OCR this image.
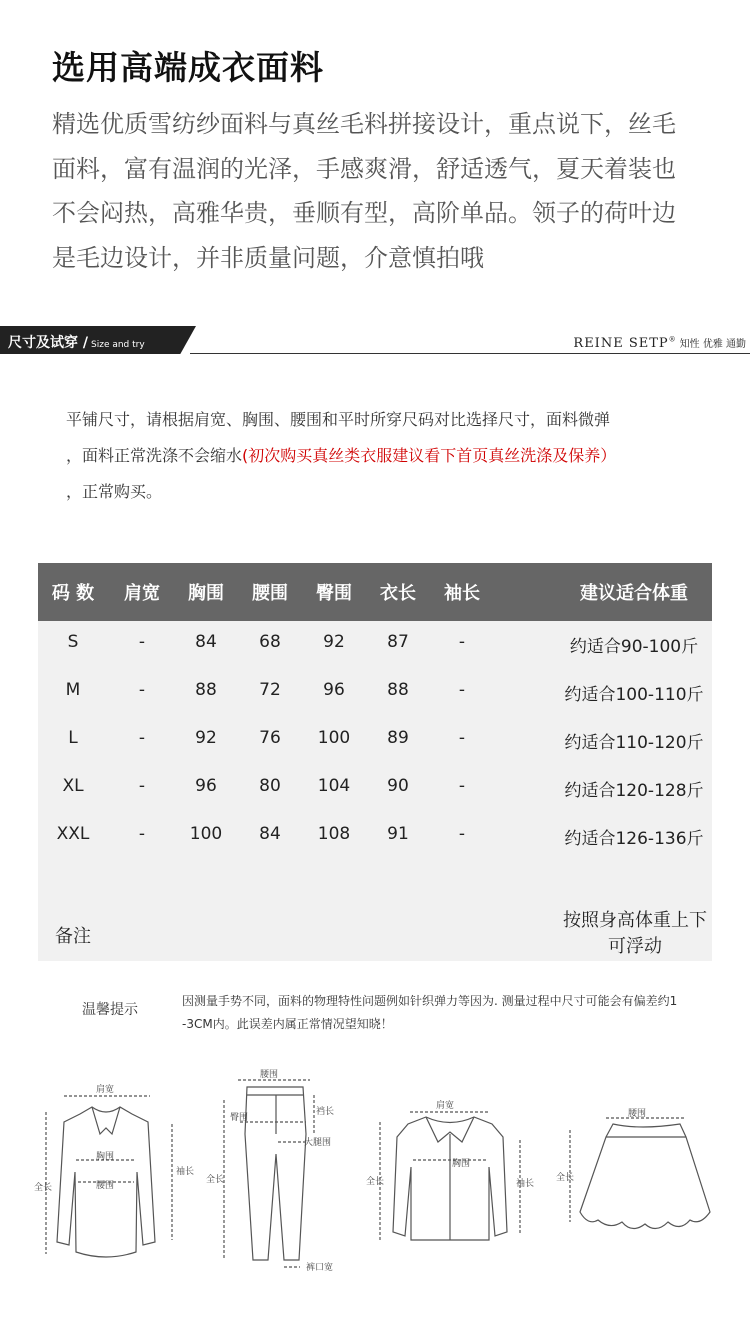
选用高端成衣面料
精选优质雪纺纱面料与真丝毛料拼接设计，重点说下，丝毛
面料，富有温润的光泽，手感爽滑，舒适透气，夏天着装也
不会闷热，高雅华贵，垂顺有型，高阶单品。领子的荷叶边
是毛边设计，并非质量问题，介意慎拍哦
尺寸及试穿 / Size and try	REINE SETP® 知性 优雅 通勤
平铺尺寸，请根据肩宽、胸围、腰围和平时所穿尺码对比选择尺寸，面料微弹
，面料正常洗涤不会缩水(初次购买真丝类衣服建议看下首页真丝洗涤及保养）
，正常购买。
码 数 肩宽 胸围 腰围 臀围 衣长 袖长	建议适合体重
S	-	84 68 92 87	-	约适合90-100斤
M	-	88 72 96 88	-	约适合100-110斤
L	-	92 76 100 89	-	约适合110-120斤
XL	-	96 80 104 90	-	约适合120-128斤
XXL	-	100 84 108 91	-	约适合126-136斤
备注
按照身高体重上下
可浮动
温馨提示
因测量手势不同，面料的物理特性问题例如针织弹力等因为. 测量过程中尺寸可能会有偏差约1
-3CM内。此误差内属正常情况望知晓！
肩宽
胸围
腰围
全长
袖长
腰围
臀围
裆长
大腿围
全长
裤口宽
肩宽
胸围
全长	袖长
腰围
全长
